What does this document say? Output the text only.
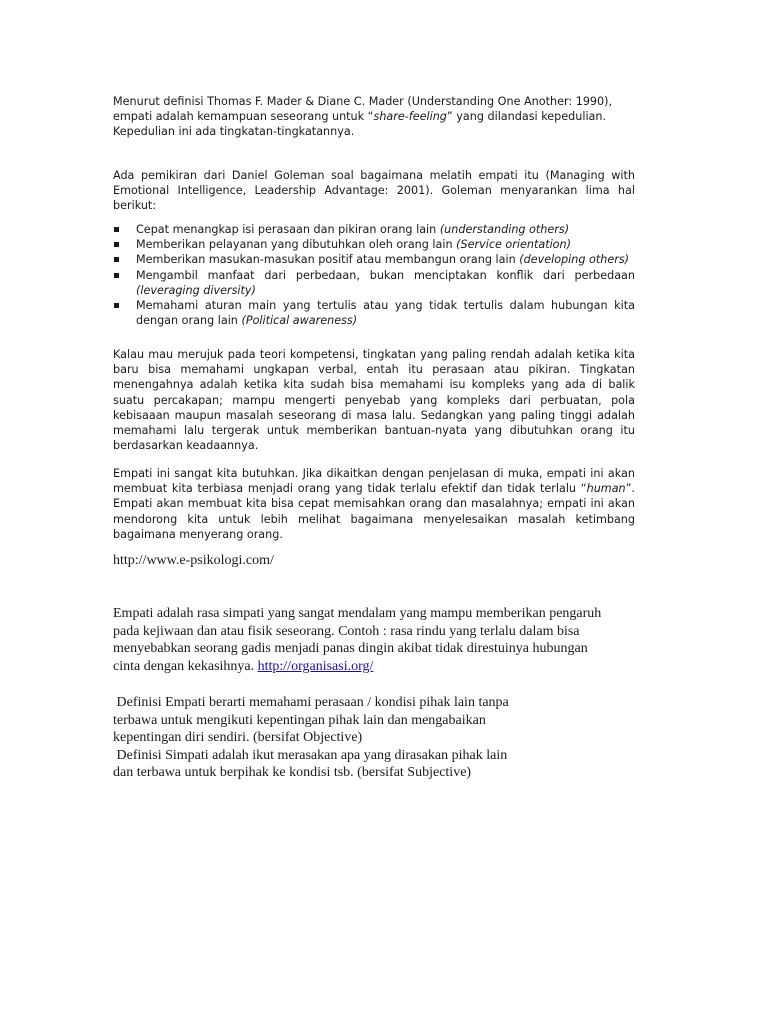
Menurut definisi Thomas F. Mader & Diane C. Mader (Understanding One Another: 1990),
empati adalah kemampuan seseorang untuk “share-feeling” yang dilandasi kepedulian.
Kepedulian ini ada tingkatan-tingkatannya.

Ada pemikiran dari Daniel Goleman soal bagaimana melatih empati itu (Managing with Emotional Intelligence, Leadership Advantage: 2001). Goleman menyarankan lima hal berikut:

Cepat menangkap isi perasaan dan pikiran orang lain (understanding others)
Memberikan pelayanan yang dibutuhkan oleh orang lain (Service orientation)
Memberikan masukan-masukan positif atau membangun orang lain (developing others)
Mengambil manfaat dari perbedaan, bukan menciptakan konflik dari perbedaan (leveraging diversity)
Memahami aturan main yang tertulis atau yang tidak tertulis dalam hubungan kita dengan orang lain (Political awareness)

Kalau mau merujuk pada teori kompetensi, tingkatan yang paling rendah adalah ketika kita baru bisa memahami ungkapan verbal, entah itu perasaan atau pikiran. Tingkatan menengahnya adalah ketika kita sudah bisa memahami isu kompleks yang ada di balik suatu percakapan; mampu mengerti penyebab yang kompleks dari perbuatan, pola kebisaaan maupun masalah seseorang di masa lalu. Sedangkan yang paling tinggi adalah memahami lalu tergerak untuk memberikan bantuan-nyata yang dibutuhkan orang itu berdasarkan keadaannya.

Empati ini sangat kita butuhkan. Jika dikaitkan dengan penjelasan di muka, empati ini akan membuat kita terbiasa menjadi orang yang tidak terlalu efektif dan tidak terlalu “human”. Empati akan membuat kita bisa cepat memisahkan orang dan masalahnya; empati ini akan mendorong kita untuk lebih melihat bagaimana menyelesaikan masalah ketimbang bagaimana menyerang orang.

http://www.e-psikologi.com/
Empati adalah rasa simpati yang sangat mendalam yang mampu memberikan pengaruh
pada kejiwaan dan atau fisik seseorang. Contoh : rasa rindu yang terlalu dalam bisa
menyebabkan seorang gadis menjadi panas dingin akibat tidak direstuinya hubungan
cinta dengan kekasihnya. http://organisasi.org/
Definisi Empati berarti memahami perasaan / kondisi pihak lain tanpa
terbawa untuk mengikuti kepentingan pihak lain dan mengabaikan
kepentingan diri sendiri. (bersifat Objective)
Definisi Simpati adalah ikut merasakan apa yang dirasakan pihak lain
dan terbawa untuk berpihak ke kondisi tsb. (bersifat Subjective)
